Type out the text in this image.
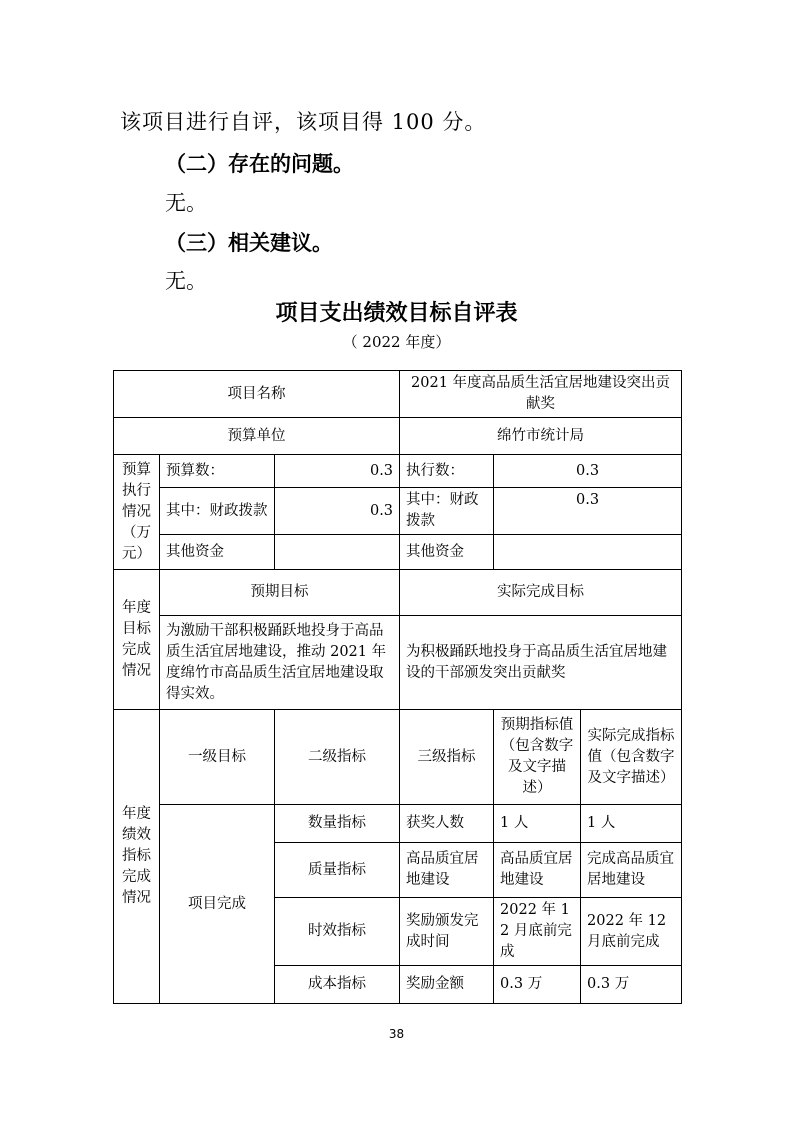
该项目进行自评，该项目得 100 分。
（二）存在的问题。
无。
（三）相关建议。
无。
项目支出绩效目标自评表
（ 2022 年度）
项目名称			2021 年度高品质生活宜居地建设突出贡献奖		
预算单位			绵竹市统计局		
预算执行情况（万元）	预算数：	0.3	执行数：	0.3	
	其中：财政拨款	0.3	其中：财政拨款	0.3	
	其他资金		其他资金		
年度目标完成情况	预期目标		实际完成目标		
	为激励干部积极踊跃地投身于高品质生活宜居地建设，推动 2021 年度绵竹市高品质生活宜居地建设取得实效。		为积极踊跃地投身于高品质生活宜居地建设的干部颁发突出贡献奖		
年度绩效指标完成情况	一级目标	二级指标	三级指标	预期指标值（包含数字及文字描述）	实际完成指标值（包含数字及文字描述）
	项目完成	数量指标	获奖人数	1 人	1 人
		质量指标	高品质宜居地建设	高品质宜居地建设	完成高品质宜居地建设
		时效指标	奖励颁发完成时间	2022 年 12 月底前完成	2022 年 12 月底前完成
		成本指标	奖励金额	0.3 万	0.3 万
38
